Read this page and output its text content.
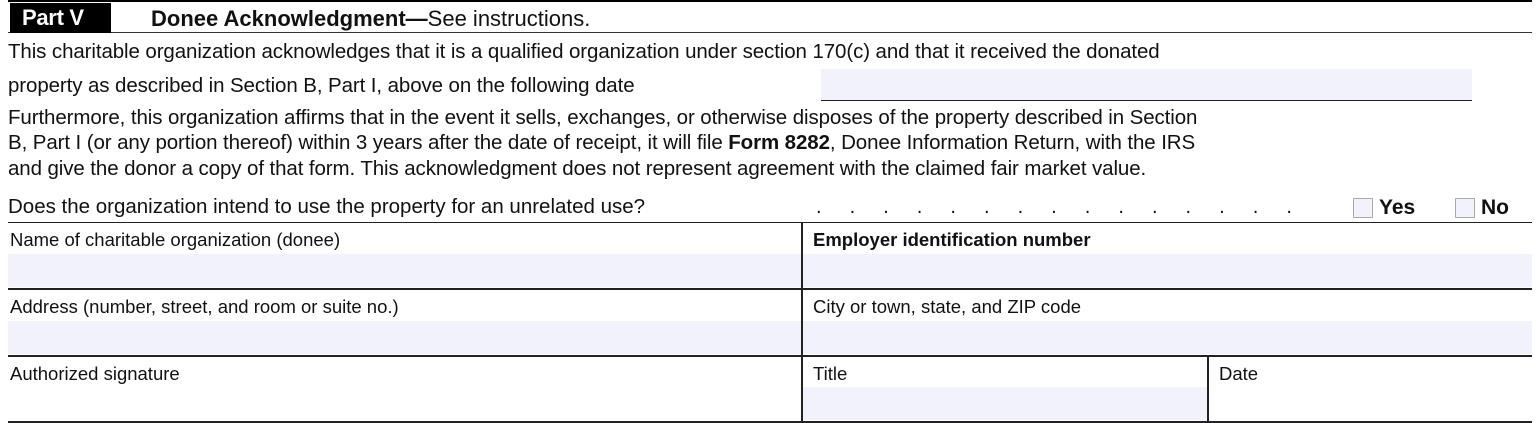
Part V	Donee Acknowledgment—See instructions.
This charitable organization acknowledges that it is a qualified organization under section 170(c) and that it received the donated
property as described in Section B, Part I, above on the following date
Furthermore, this organization affirms that in the event it sells, exchanges, or otherwise disposes of the property described in Section
B, Part I (or any portion thereof) within 3 years after the date of receipt, it will file Form 8282, Donee Information Return, with the IRS
and give the donor a copy of that form. This acknowledgment does not represent agreement with the claimed fair market value.
Does the organization intend to use the property for an unrelated use?	. . . . . . . . . . . . . . .	Yes	No
Name of charitable organization (donee)	Employer identification number
Address (number, street, and room or suite no.)	City or town, state, and ZIP code
Authorized signature	Title	Date
